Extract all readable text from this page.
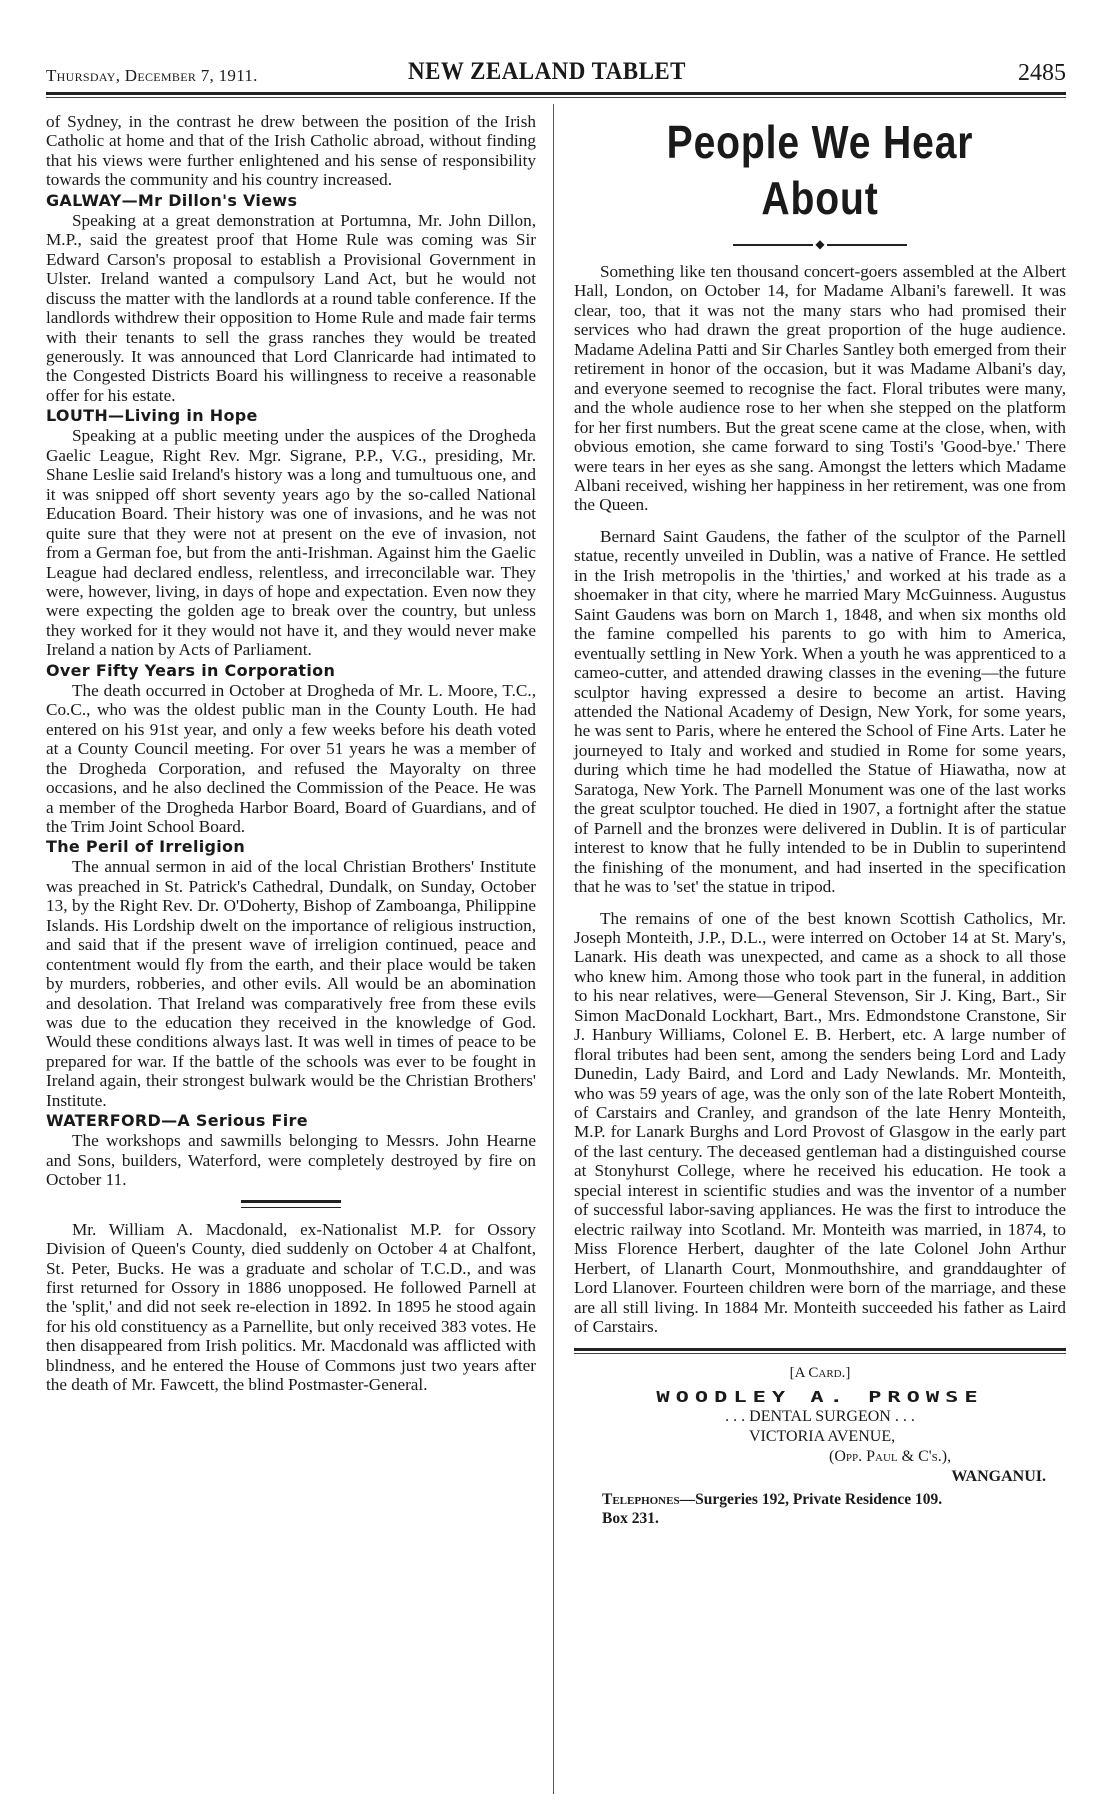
Thursday, December 7, 1911.	NEW ZEALAND TABLET	2485

of Sydney, in the contrast he drew between the position of the Irish Catholic at home and that of the Irish Catholic abroad, without finding that his views were further enlightened and his sense of responsibility towards the community and his country increased.

GALWAY—Mr Dillon's Views

Speaking at a great demonstration at Portumna, Mr. John Dillon, M.P., said the greatest proof that Home Rule was coming was Sir Edward Carson's proposal to establish a Provisional Government in Ulster. Ireland wanted a compulsory Land Act, but he would not discuss the matter with the landlords at a round table conference. If the landlords withdrew their opposition to Home Rule and made fair terms with their tenants to sell the grass ranches they would be treated generously. It was announced that Lord Clanricarde had intimated to the Congested Districts Board his willingness to receive a reasonable offer for his estate.

LOUTH—Living in Hope

Speaking at a public meeting under the auspices of the Drogheda Gaelic League, Right Rev. Mgr. Sigrane, P.P., V.G., presiding, Mr. Shane Leslie said Ireland's history was a long and tumultuous one, and it was snipped off short seventy years ago by the so-called National Education Board. Their history was one of invasions, and he was not quite sure that they were not at present on the eve of invasion, not from a German foe, but from the anti-Irishman. Against him the Gaelic League had declared endless, relentless, and irreconcilable war. They were, however, living, in days of hope and expectation. Even now they were expecting the golden age to break over the country, but unless they worked for it they would not have it, and they would never make Ireland a nation by Acts of Parliament.

Over Fifty Years in Corporation

The death occurred in October at Drogheda of Mr. L. Moore, T.C., Co.C., who was the oldest public man in the County Louth. He had entered on his 91st year, and only a few weeks before his death voted at a County Council meeting. For over 51 years he was a member of the Drogheda Corporation, and refused the Mayoralty on three occasions, and he also declined the Commission of the Peace. He was a member of the Drogheda Harbor Board, Board of Guardians, and of the Trim Joint School Board.

The Peril of Irreligion

The annual sermon in aid of the local Christian Brothers' Institute was preached in St. Patrick's Cathedral, Dundalk, on Sunday, October 13, by the Right Rev. Dr. O'Doherty, Bishop of Zamboanga, Philippine Islands. His Lordship dwelt on the importance of religious instruction, and said that if the present wave of irreligion continued, peace and contentment would fly from the earth, and their place would be taken by murders, robberies, and other evils. All would be an abomination and desolation. That Ireland was comparatively free from these evils was due to the education they received in the knowledge of God. Would these conditions always last. It was well in times of peace to be prepared for war. If the battle of the schools was ever to be fought in Ireland again, their strongest bulwark would be the Christian Brothers' Institute.

WATERFORD—A Serious Fire

The workshops and sawmills belonging to Messrs. John Hearne and Sons, builders, Waterford, were completely destroyed by fire on October 11.

Mr. William A. Macdonald, ex-Nationalist M.P. for Ossory Division of Queen's County, died suddenly on October 4 at Chalfont, St. Peter, Bucks. He was a graduate and scholar of T.C.D., and was first returned for Ossory in 1886 unopposed. He followed Parnell at the 'split,' and did not seek re-election in 1892. In 1895 he stood again for his old constituency as a Parnellite, but only received 383 votes. He then disappeared from Irish politics. Mr. Macdonald was afflicted with blindness, and he entered the House of Commons just two years after the death of Mr. Fawcett, the blind Postmaster-General.

People We Hear About
◆

Something like ten thousand concert-goers assembled at the Albert Hall, London, on October 14, for Madame Albani's farewell. It was clear, too, that it was not the many stars who had promised their services who had drawn the great proportion of the huge audience. Madame Adelina Patti and Sir Charles Santley both emerged from their retirement in honor of the occasion, but it was Madame Albani's day, and everyone seemed to recognise the fact. Floral tributes were many, and the whole audience rose to her when she stepped on the platform for her first numbers. But the great scene came at the close, when, with obvious emotion, she came forward to sing Tosti's 'Good-bye.' There were tears in her eyes as she sang. Amongst the letters which Madame Albani received, wishing her happiness in her retirement, was one from the Queen.

Bernard Saint Gaudens, the father of the sculptor of the Parnell statue, recently unveiled in Dublin, was a native of France. He settled in the Irish metropolis in the 'thirties,' and worked at his trade as a shoemaker in that city, where he married Mary McGuinness. Augustus Saint Gaudens was born on March 1, 1848, and when six months old the famine compelled his parents to go with him to America, eventually settling in New York. When a youth he was apprenticed to a cameo-cutter, and attended drawing classes in the evening—the future sculptor having expressed a desire to become an artist. Having attended the National Academy of Design, New York, for some years, he was sent to Paris, where he entered the School of Fine Arts. Later he journeyed to Italy and worked and studied in Rome for some years, during which time he had modelled the Statue of Hiawatha, now at Saratoga, New York. The Parnell Monument was one of the last works the great sculptor touched. He died in 1907, a fortnight after the statue of Parnell and the bronzes were delivered in Dublin. It is of particular interest to know that he fully intended to be in Dublin to superintend the finishing of the monument, and had inserted in the specification that he was to 'set' the statue in tripod.

The remains of one of the best known Scottish Catholics, Mr. Joseph Monteith, J.P., D.L., were interred on October 14 at St. Mary's, Lanark. His death was unexpected, and came as a shock to all those who knew him. Among those who took part in the funeral, in addition to his near relatives, were—General Stevenson, Sir J. King, Bart., Sir Simon MacDonald Lockhart, Bart., Mrs. Edmondstone Cranstone, Sir J. Hanbury Williams, Colonel E. B. Herbert, etc. A large number of floral tributes had been sent, among the senders being Lord and Lady Dunedin, Lady Baird, and Lord and Lady Newlands. Mr. Monteith, who was 59 years of age, was the only son of the late Robert Monteith, of Carstairs and Cranley, and grandson of the late Henry Monteith, M.P. for Lanark Burghs and Lord Provost of Glasgow in the early part of the last century. The deceased gentleman had a distinguished course at Stonyhurst College, where he received his education. He took a special interest in scientific studies and was the inventor of a number of successful labor-saving appliances. He was the first to introduce the electric railway into Scotland. Mr. Monteith was married, in 1874, to Miss Florence Herbert, daughter of the late Colonel John Arthur Herbert, of Llanarth Court, Monmouthshire, and granddaughter of Lord Llanover. Fourteen children were born of the marriage, and these are all still living. In 1884 Mr. Monteith succeeded his father as Laird of Carstairs.

[A Card.]
WOODLEY A. PROWSE
. . . DENTAL SURGEON . . .
VICTORIA AVENUE,
(Opp. Paul & C's.),
WANGANUI.
Telephones—Surgeries 192, Private Residence 109.
Box 231.
